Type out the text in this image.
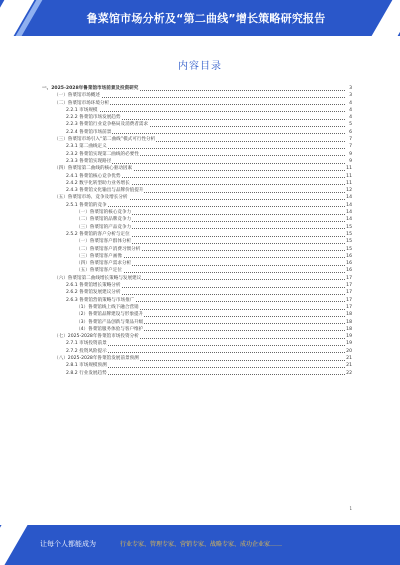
鲁菜馆市场分析及“第二曲线”增长策略研究报告
内容目录
一、2025-2028年鲁菜馆市场前景及投资研究	3
（一）鲁菜馆市场概述	3
（二）鲁菜馆市场环境分析	4
2.2.1 市场规模	4
2.2.2 鲁菜馆市场发展趋势	4
2.2.3 鲁菜馆行业竞争格局及消费者需求	5
2.2.4 鲁菜馆市场前景	6
（三）鲁菜馆市场引入“第二曲线”模式可行性分析	7
2.3.1 第二曲线定义	7
2.3.2 鲁菜馆实现第二曲线的必要性	9
2.3.3 鲁菜馆实现路径	9
（四）鲁菜馆第二曲线的核心驱动因素	11
2.4.1 鲁菜馆核心竞争优势	11
2.4.2 数字化转型助力业务增长	11
2.4.3 鲁菜馆文化输出与品牌价值提升	12
（五）鲁菜馆市场、竞争及增长分析	14
2.5.1 鲁菜馆的竞争	14
（一）鲁菜馆的核心竞争力	14
（二）鲁菜馆的品牌竞争力	14
（三）鲁菜馆的产品竞争力	15
2.5.2 鲁菜馆的客户分析与定位	15
（一）鲁菜馆客户群体分析	15
（二）鲁菜馆客户消费习惯分析	15
（三）鲁菜馆客户画像	16
（四）鲁菜馆客户需求分析	16
（五）鲁菜馆客户定位	16
（六）鲁菜馆第二曲线增长策略与发展建议	17
2.6.1 鲁菜馆增长策略分析	17
2.6.2 鲁菜馆发展建议分析	17
2.6.3 鲁菜馆营销策略与市场推广	17
（1）鲁菜馆线上线下融合营销	17
（2）鲁菜馆品牌建设与形象提升	18
（3）鲁菜馆产品创新与菜品升级	18
（4）鲁菜馆服务体验与客户维护	18
（七）2025-2028年鲁菜馆市场投资分析	19
2.7.1 市场投资前景	19
2.7.2 投资风险提示	20
（八）2025-2028年鲁菜馆发展前景预测	21
2.8.1 市场规模预测	21
2.8.2 行业发展趋势	22
1
让每个人都能成为	行业专家、管理专家、营销专家、战略专家、成功企业家……
